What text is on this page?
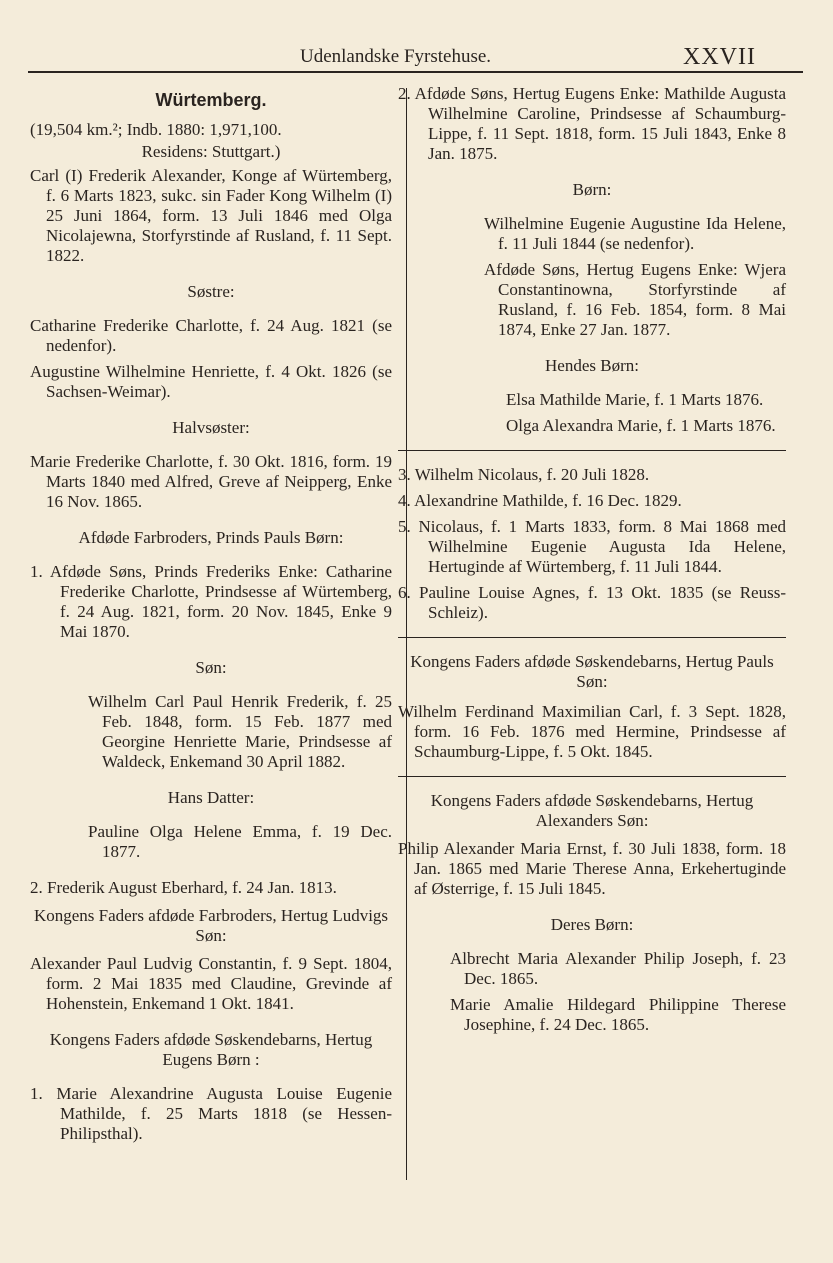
Udenlandske Fyrstehuse.	XXVII
Würtemberg.
(19,504 km.²; Indb. 1880: 1,971,100.
Residens: Stuttgart.)
Carl (I) Frederik Alexander, Konge af Würtemberg, f. 6 Marts 1823, sukc. sin Fader Kong Wilhelm (I) 25 Juni 1864, form. 13 Juli 1846 med Olga Nicolajewna, Storfyrstinde af Rusland, f. 11 Sept. 1822.
Søstre:
Catharine Frederike Charlotte, f. 24 Aug. 1821 (se nedenfor).
Augustine Wilhelmine Henriette, f. 4 Okt. 1826 (se Sachsen-Weimar).
Halvsøster:
Marie Frederike Charlotte, f. 30 Okt. 1816, form. 19 Marts 1840 med Alfred, Greve af Neipperg, Enke 16 Nov. 1865.
Afdøde Farbroders, Prinds Pauls Børn:
1. Afdøde Søns, Prinds Frederiks Enke: Catharine Frederike Charlotte, Prindsesse af Würtemberg, f. 24 Aug. 1821, form. 20 Nov. 1845, Enke 9 Mai 1870.
Søn:
Wilhelm Carl Paul Henrik Frederik, f. 25 Feb. 1848, form. 15 Feb. 1877 med Georgine Henriette Marie, Prindsesse af Waldeck, Enkemand 30 April 1882.
Hans Datter:
Pauline Olga Helene Emma, f. 19 Dec. 1877.
2. Frederik August Eberhard, f. 24 Jan. 1813.
Kongens Faders afdøde Farbroders, Hertug Ludvigs Søn:
Alexander Paul Ludvig Constantin, f. 9 Sept. 1804, form. 2 Mai 1835 med Claudine, Grevinde af Hohenstein, Enkemand 1 Okt. 1841.
Kongens Faders afdøde Søskendebarns, Hertug Eugens Børn :
1. Marie Alexandrine Augusta Louise Eugenie Mathilde, f. 25 Marts 1818 (se Hessen-Philipsthal).
2. Afdøde Søns, Hertug Eugens Enke: Mathilde Augusta Wilhelmine Caroline, Prindsesse af Schaumburg-Lippe, f. 11 Sept. 1818, form. 15 Juli 1843, Enke 8 Jan. 1875.
Børn:
Wilhelmine Eugenie Augustine Ida Helene, f. 11 Juli 1844 (se nedenfor).
Afdøde Søns, Hertug Eugens Enke: Wjera Constantinowna, Storfyrstinde af Rusland, f. 16 Feb. 1854, form. 8 Mai 1874, Enke 27 Jan. 1877.
Hendes Børn:
Elsa Mathilde Marie, f. 1 Marts 1876.
Olga Alexandra Marie, f. 1 Marts 1876.
3. Wilhelm Nicolaus, f. 20 Juli 1828.
4. Alexandrine Mathilde, f. 16 Dec. 1829.
5. Nicolaus, f. 1 Marts 1833, form. 8 Mai 1868 med Wilhelmine Eugenie Augusta Ida Helene, Hertuginde af Würtemberg, f. 11 Juli 1844.
6. Pauline Louise Agnes, f. 13 Okt. 1835 (se Reuss-Schleiz).
Kongens Faders afdøde Søskendebarns, Hertug Pauls Søn:
Wilhelm Ferdinand Maximilian Carl, f. 3 Sept. 1828, form. 16 Feb. 1876 med Hermine, Prindsesse af Schaumburg-Lippe, f. 5 Okt. 1845.
Kongens Faders afdøde Søskendebarns, Hertug Alexanders Søn:
Philip Alexander Maria Ernst, f. 30 Juli 1838, form. 18 Jan. 1865 med Marie Therese Anna, Erkehertuginde af Østerrige, f. 15 Juli 1845.
Deres Børn:
Albrecht Maria Alexander Philip Joseph, f. 23 Dec. 1865.
Marie Amalie Hildegard Philippine Therese Josephine, f. 24 Dec. 1865.
